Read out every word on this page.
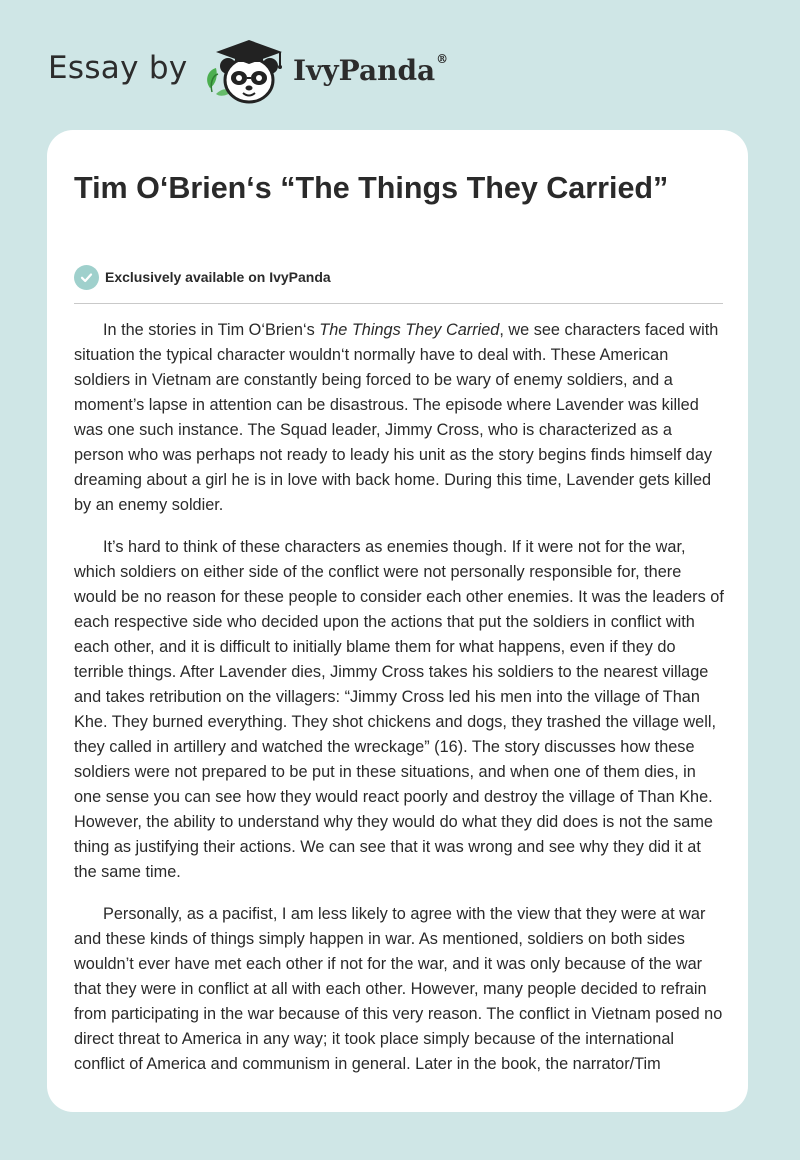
Essay by	IvyPanda®
Tim O‘Brien‘s “The Things They Carried”
Exclusively available on IvyPanda

In the stories in Tim O‘Brien‘s The Things They Carried, we see characters faced with situation the typical character wouldn‘t normally have to deal with. These American soldiers in Vietnam are constantly being forced to be wary of enemy soldiers, and a moment’s lapse in attention can be disastrous. The episode where Lavender was killed was one such instance. The Squad leader, Jimmy Cross, who is characterized as a person who was perhaps not ready to leady his unit as the story begins finds himself day dreaming about a girl he is in love with back home. During this time, Lavender gets killed by an enemy soldier.

It’s hard to think of these characters as enemies though. If it were not for the war, which soldiers on either side of the conflict were not personally responsible for, there would be no reason for these people to consider each other enemies. It was the leaders of each respective side who decided upon the actions that put the soldiers in conflict with each other, and it is difficult to initially blame them for what happens, even if they do terrible things. After Lavender dies, Jimmy Cross takes his soldiers to the nearest village and takes retribution on the villagers: “Jimmy Cross led his men into the village of Than Khe. They burned everything. They shot chickens and dogs, they trashed the village well, they called in artillery and watched the wreckage” (16). The story discusses how these soldiers were not prepared to be put in these situations, and when one of them dies, in one sense you can see how they would react poorly and destroy the village of Than Khe. However, the ability to understand why they would do what they did does is not the same thing as justifying their actions. We can see that it was wrong and see why they did it at the same time.

Personally, as a pacifist, I am less likely to agree with the view that they were at war and these kinds of things simply happen in war. As mentioned, soldiers on both sides wouldn’t ever have met each other if not for the war, and it was only because of the war that they were in conflict at all with each other. However, many people decided to refrain from participating in the war because of this very reason. The conflict in Vietnam posed no direct threat to America in any way; it took place simply because of the international conflict of America and communism in general. Later in the book, the narrator/Tim
